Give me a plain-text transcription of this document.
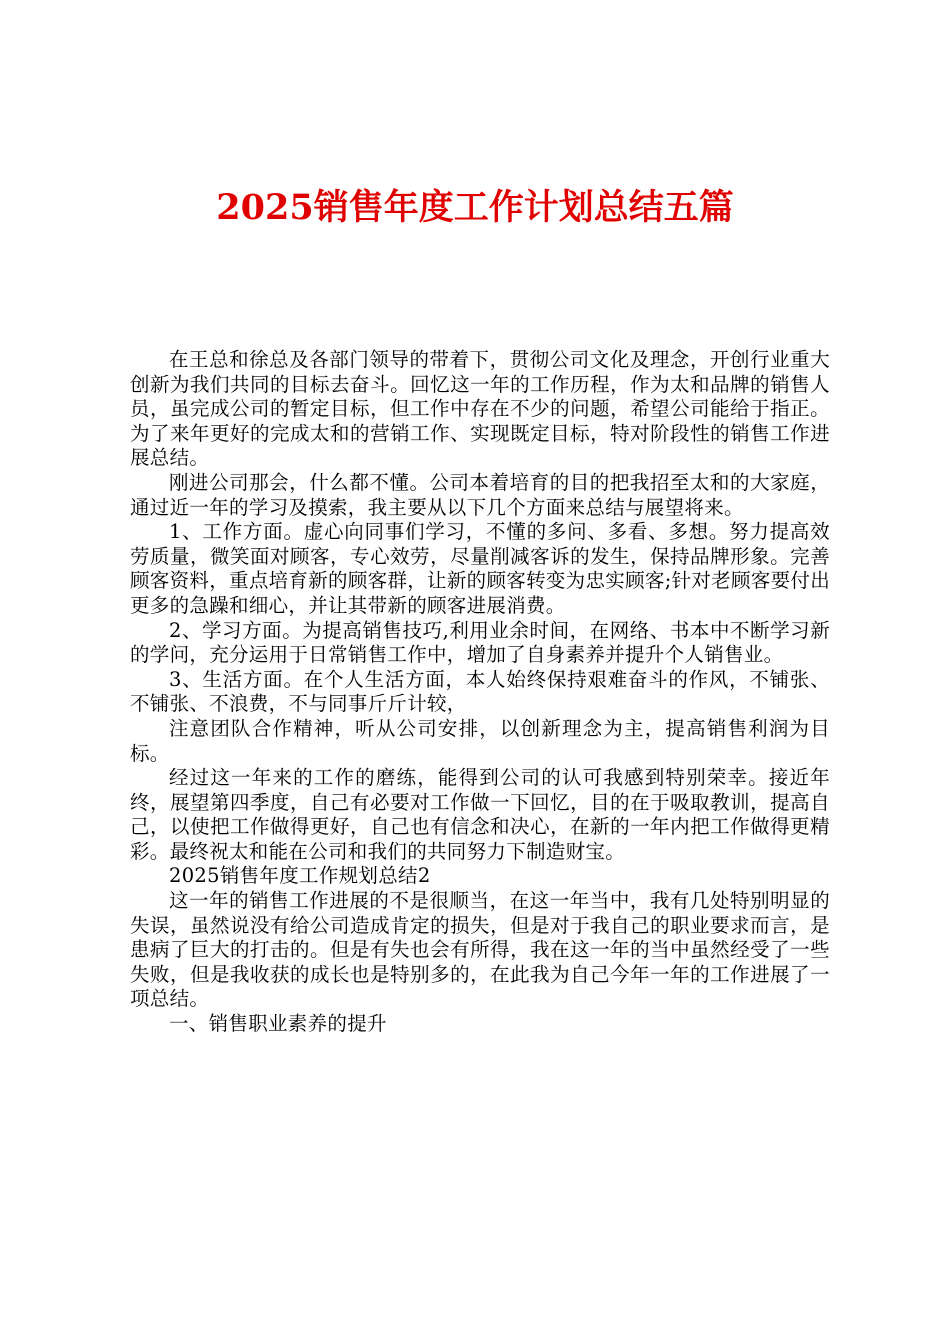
2025销售年度工作计划总结五篇

在王总和徐总及各部门领导的带着下，贯彻公司文化及理念，开创行业重大创新为我们共同的目标去奋斗。回忆这一年的工作历程，作为太和品牌的销售人员，虽完成公司的暂定目标，但工作中存在不少的问题，希望公司能给于指正。为了来年更好的完成太和的营销工作、实现既定目标，特对阶段性的销售工作进展总结。

刚进公司那会，什么都不懂。公司本着培育的目的把我招至太和的大家庭，通过近一年的学习及摸索，我主要从以下几个方面来总结与展望将来。

1、工作方面。虚心向同事们学习，不懂的多问、多看、多想。努力提高效劳质量，微笑面对顾客，专心效劳，尽量削减客诉的发生，保持品牌形象。完善顾客资料，重点培育新的顾客群，让新的顾客转变为忠实顾客;针对老顾客要付出更多的急躁和细心，并让其带新的顾客进展消费。

2、学习方面。为提高销售技巧,利用业余时间，在网络、书本中不断学习新的学问，充分运用于日常销售工作中，增加了自身素养并提升个人销售业。

3、生活方面。在个人生活方面，本人始终保持艰难奋斗的作风，不铺张、不铺张、不浪费，不与同事斤斤计较，

注意团队合作精神，听从公司安排，以创新理念为主，提高销售利润为目标。

经过这一年来的工作的磨练，能得到公司的认可我感到特别荣幸。接近年终，展望第四季度，自己有必要对工作做一下回忆，目的在于吸取教训，提高自己，以使把工作做得更好，自己也有信念和决心，在新的一年内把工作做得更精彩。最终祝太和能在公司和我们的共同努力下制造财宝。

2025销售年度工作规划总结2

这一年的销售工作进展的不是很顺当，在这一年当中，我有几处特别明显的失误，虽然说没有给公司造成肯定的损失，但是对于我自己的职业要求而言，是患病了巨大的打击的。但是有失也会有所得，我在这一年的当中虽然经受了一些失败，但是我收获的成长也是特别多的，在此我为自己今年一年的工作进展了一项总结。

一、销售职业素养的提升
